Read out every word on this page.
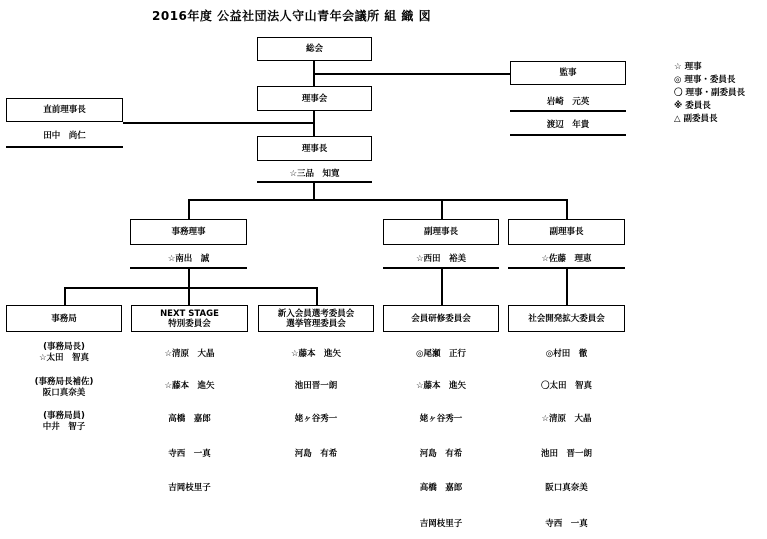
2016年度 公益社団法人守山青年会議所 組 織 図
☆ 理事
◎ 理事・委員長
〇 理事・副委員長
※ 委員長
△ 副委員長
総会
監事
岩崎　元英
渡辺　年貴
理事会
直前理事長
田中　尚仁
理事長
☆三品　知寛
事務理事
☆南出　誠
副理事長
☆西田　裕美
副理事長
☆佐藤　理恵
事務局
(事務局長)
☆太田　智真
(事務局長補佐)
阪口真奈美
(事務局員)
中井　智子
NEXT STAGE
特別委員会
☆清原　大晶
☆藤本　進矢
高橋　嘉郎
寺西　一真
吉岡枝里子
新入会員選考委員会
選挙管理委員会
☆藤本　進矢
池田晋一朗
姥ヶ谷秀一
河島　有希
会員研修委員会
◎尾瀬　正行
☆藤本　進矢
姥ヶ谷秀一
河島　有希
高橋　嘉郎
吉岡枝里子
社会開発拡大委員会
◎村田　徹
〇太田　智真
☆清原　大晶
池田　晋一朗
阪口真奈美
寺西　一真
